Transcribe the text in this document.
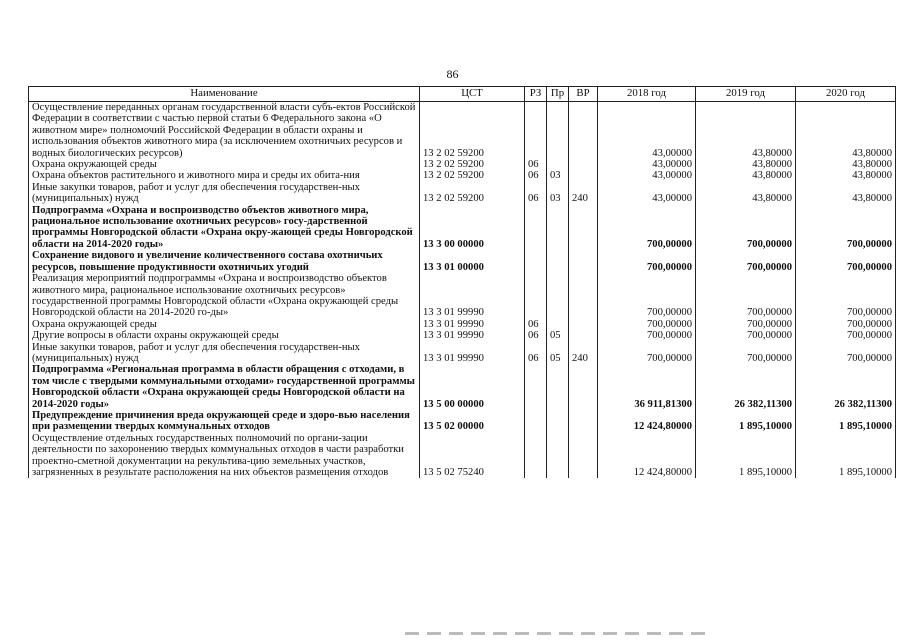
86
Наименование	ЦСТ	РЗ	Пр	ВР	2018 год	2019 год	2020 год
Осуществление переданных органам государственной власти субъ-ектов Российской Федерации в соответствии с частью первой статьи 6 Федерального закона «О животном мире» полномочий Российской Федерации в области охраны и использования объектов животного мира (за исключением охотничьих ресурсов и водных биологических ресурсов)	13 2 02 59200				43,00000	43,80000	43,80000
Охрана окружающей среды	13 2 02 59200	06			43,00000	43,80000	43,80000
Охрана объектов растительного и животного мира и среды их обита-ния	13 2 02 59200	06	03		43,00000	43,80000	43,80000
Иные закупки товаров, работ и услуг для обеспечения государствен-ных (муниципальных) нужд	13 2 02 59200	06	03	240	43,00000	43,80000	43,80000
Подпрограмма «Охрана и воспроизводство объектов животного мира, рациональное использование охотничьих ресурсов» госу-дарственной программы Новгородской области «Охрана окру-жающей среды Новгородской области на 2014-2020 годы»	13 3 00 00000				700,00000	700,00000	700,00000
Сохранение видового и увеличение количественного состава охотничьих ресурсов, повышение продуктивности охотничьих угодий	13 3 01 00000				700,00000	700,00000	700,00000
Реализация мероприятий подпрограммы «Охрана и воспроизводство объектов животного мира, рациональное использование охотничьих ресурсов» государственной программы Новгородской области «Охрана окружающей среды Новгородской области на 2014-2020 го-ды»	13 3 01 99990				700,00000	700,00000	700,00000
Охрана окружающей среды	13 3 01 99990	06			700,00000	700,00000	700,00000
Другие вопросы в области охраны окружающей среды	13 3 01 99990	06	05		700,00000	700,00000	700,00000
Иные закупки товаров, работ и услуг для обеспечения государствен-ных (муниципальных) нужд	13 3 01 99990	06	05	240	700,00000	700,00000	700,00000
Подпрограмма «Региональная программа в области обращения с отходами, в том числе с твердыми коммунальными отходами» государственной программы Новгородской области «Охрана окружающей среды Новгородской области на 2014-2020 годы»	13 5 00 00000				36 911,81300	26 382,11300	26 382,11300
Предупреждение причинения вреда окружающей среде и здоро-вью населения при размещении твердых коммунальных отходов	13 5 02 00000				12 424,80000	1 895,10000	1 895,10000
Осуществление отдельных государственных полномочий по органи-зации деятельности по захоронению твердых коммунальных отходов в части разработки проектно-сметной документации на рекультива-цию земельных участков, загрязненных в результате расположения на них объектов размещения отходов	13 5 02 75240				12 424,80000	1 895,10000	1 895,10000
